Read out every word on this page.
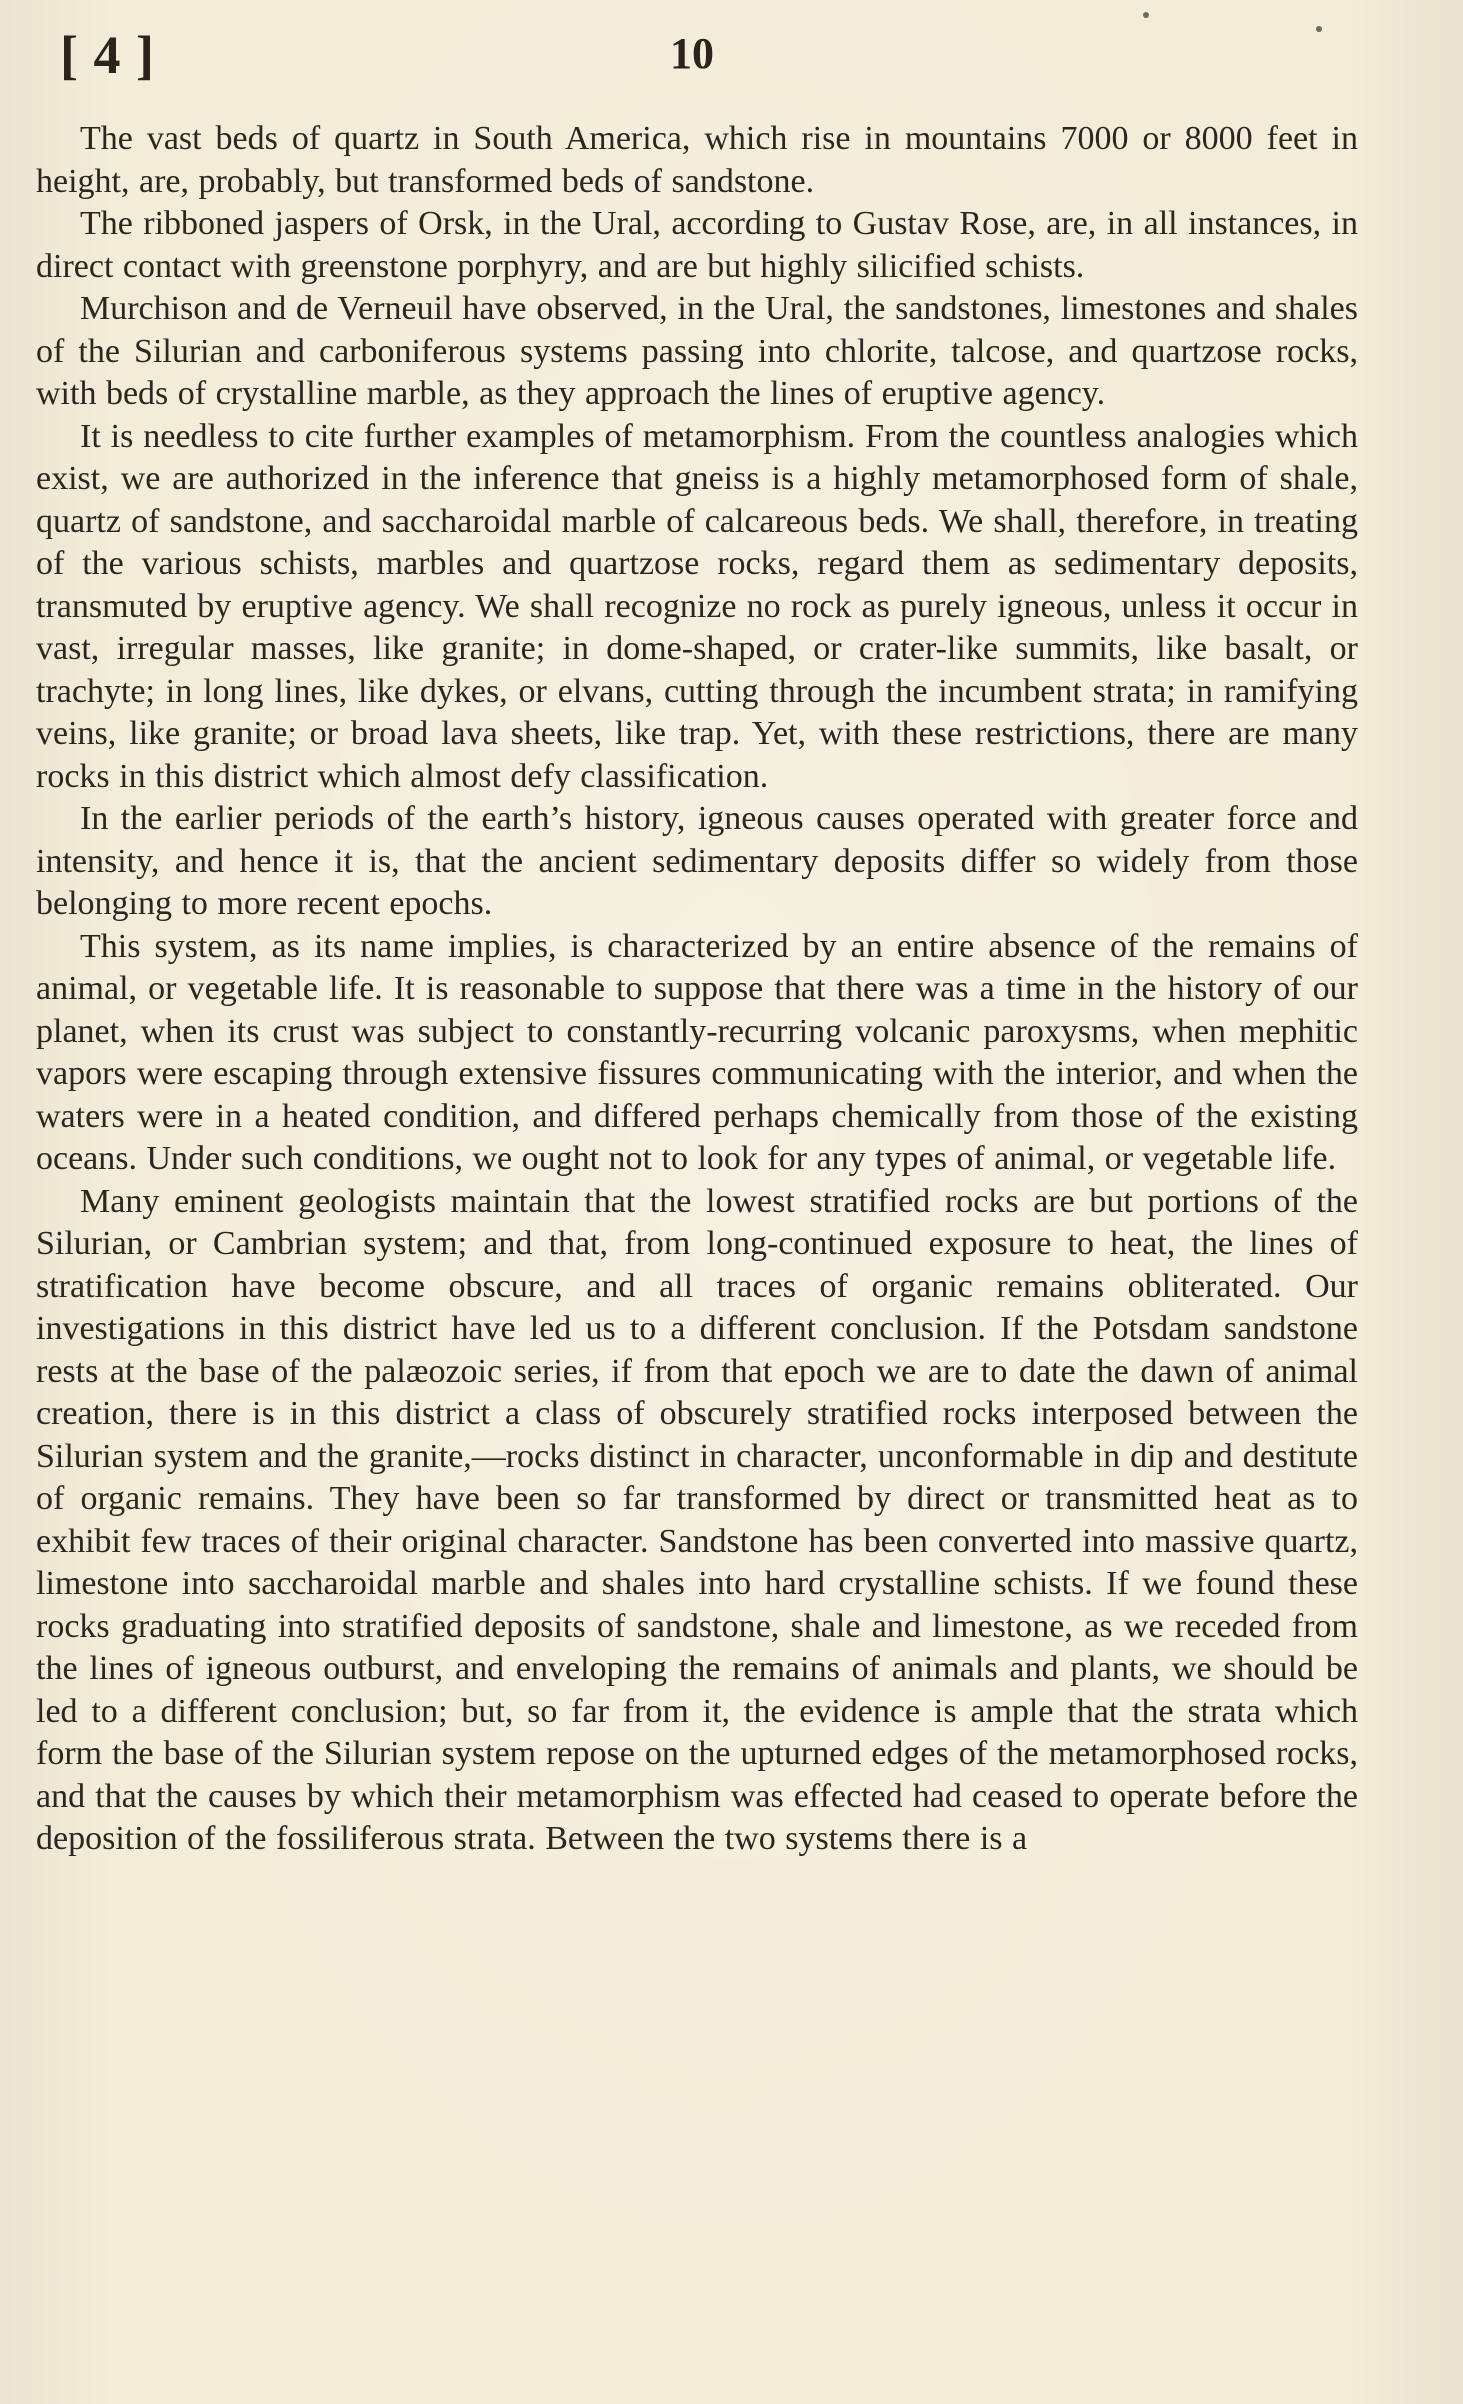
[ 4 ]	10

The vast beds of quartz in South America, which rise in mountains 7000 or 8000 feet in height, are, probably, but transformed beds of sandstone.

The ribboned jaspers of Orsk, in the Ural, according to Gustav Rose, are, in all instances, in direct contact with greenstone porphyry, and are but highly silicified schists.

Murchison and de Verneuil have observed, in the Ural, the sandstones, limestones and shales of the Silurian and carboniferous systems passing into chlorite, talcose, and quartzose rocks, with beds of crystalline marble, as they approach the lines of eruptive agency.

It is needless to cite further examples of metamorphism. From the countless analogies which exist, we are authorized in the inference that gneiss is a highly metamorphosed form of shale, quartz of sandstone, and saccharoidal marble of calcareous beds. We shall, therefore, in treating of the various schists, marbles and quartzose rocks, regard them as sedimentary deposits, transmuted by eruptive agency. We shall recognize no rock as purely igneous, unless it occur in vast, irregular masses, like granite; in dome-shaped, or crater-like summits, like basalt, or trachyte; in long lines, like dykes, or elvans, cutting through the incumbent strata; in ramifying veins, like granite; or broad lava sheets, like trap. Yet, with these restrictions, there are many rocks in this district which almost defy classification.

In the earlier periods of the earth’s history, igneous causes operated with greater force and intensity, and hence it is, that the ancient sedimentary deposits differ so widely from those belonging to more recent epochs.

This system, as its name implies, is characterized by an entire absence of the remains of animal, or vegetable life. It is reasonable to suppose that there was a time in the history of our planet, when its crust was subject to constantly-recurring volcanic paroxysms, when mephitic vapors were escaping through extensive fissures communicating with the interior, and when the waters were in a heated condition, and differed perhaps chemically from those of the existing oceans. Under such conditions, we ought not to look for any types of animal, or vegetable life.

Many eminent geologists maintain that the lowest stratified rocks are but portions of the Silurian, or Cambrian system; and that, from long-continued exposure to heat, the lines of stratification have become obscure, and all traces of organic remains obliterated. Our investigations in this district have led us to a different conclusion. If the Potsdam sandstone rests at the base of the palæozoic series, if from that epoch we are to date the dawn of animal creation, there is in this district a class of obscurely stratified rocks interposed between the Silurian system and the granite,—rocks distinct in character, unconformable in dip and destitute of organic remains. They have been so far transformed by direct or transmitted heat as to exhibit few traces of their original character. Sandstone has been converted into massive quartz, limestone into saccharoidal marble and shales into hard crystalline schists. If we found these rocks graduating into stratified deposits of sandstone, shale and limestone, as we receded from the lines of igneous outburst, and enveloping the remains of animals and plants, we should be led to a different conclusion; but, so far from it, the evidence is ample that the strata which form the base of the Silurian system repose on the upturned edges of the metamorphosed rocks, and that the causes by which their metamorphism was effected had ceased to operate before the deposition of the fossiliferous strata. Between the two systems there is a
